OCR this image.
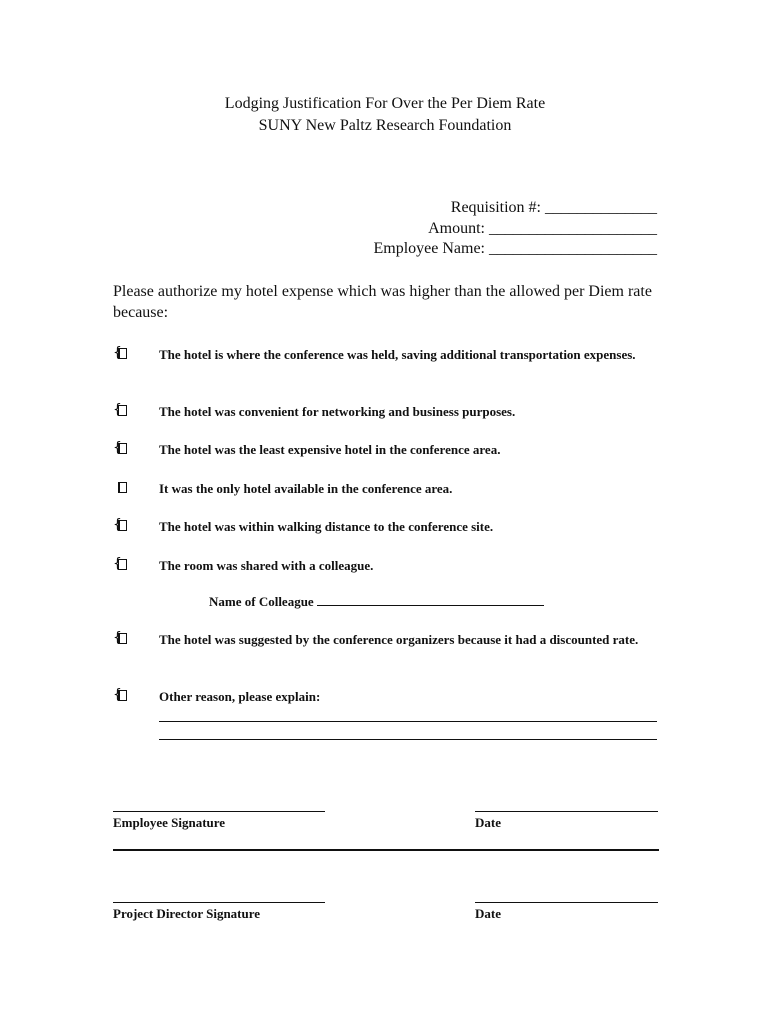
Lodging Justification For Over the Per Diem Rate
SUNY New Paltz Research Foundation
Requisition #: ______________
Amount: _____________________
Employee Name: _____________________
Please authorize my hotel expense which was higher than the allowed per Diem rate because:
{	The hotel is where the conference was held, saving additional transportation expenses.
{	The hotel was convenient for networking and business purposes.
{	The hotel was the least expensive hotel in the conference area.
It was the only hotel available in the conference area.
{	The hotel was within walking distance to the conference site.
{	The room was shared with a colleague.
Name of Colleague
{	The hotel was suggested by the conference organizers because it had a discounted rate.
{	Other reason, please explain:
Employee Signature	Date
Project Director Signature	Date
